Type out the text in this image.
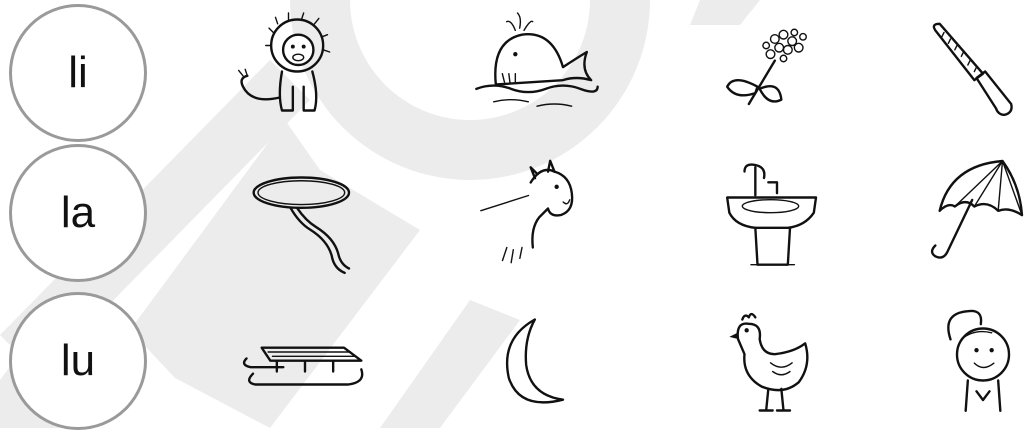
li
la
lu
